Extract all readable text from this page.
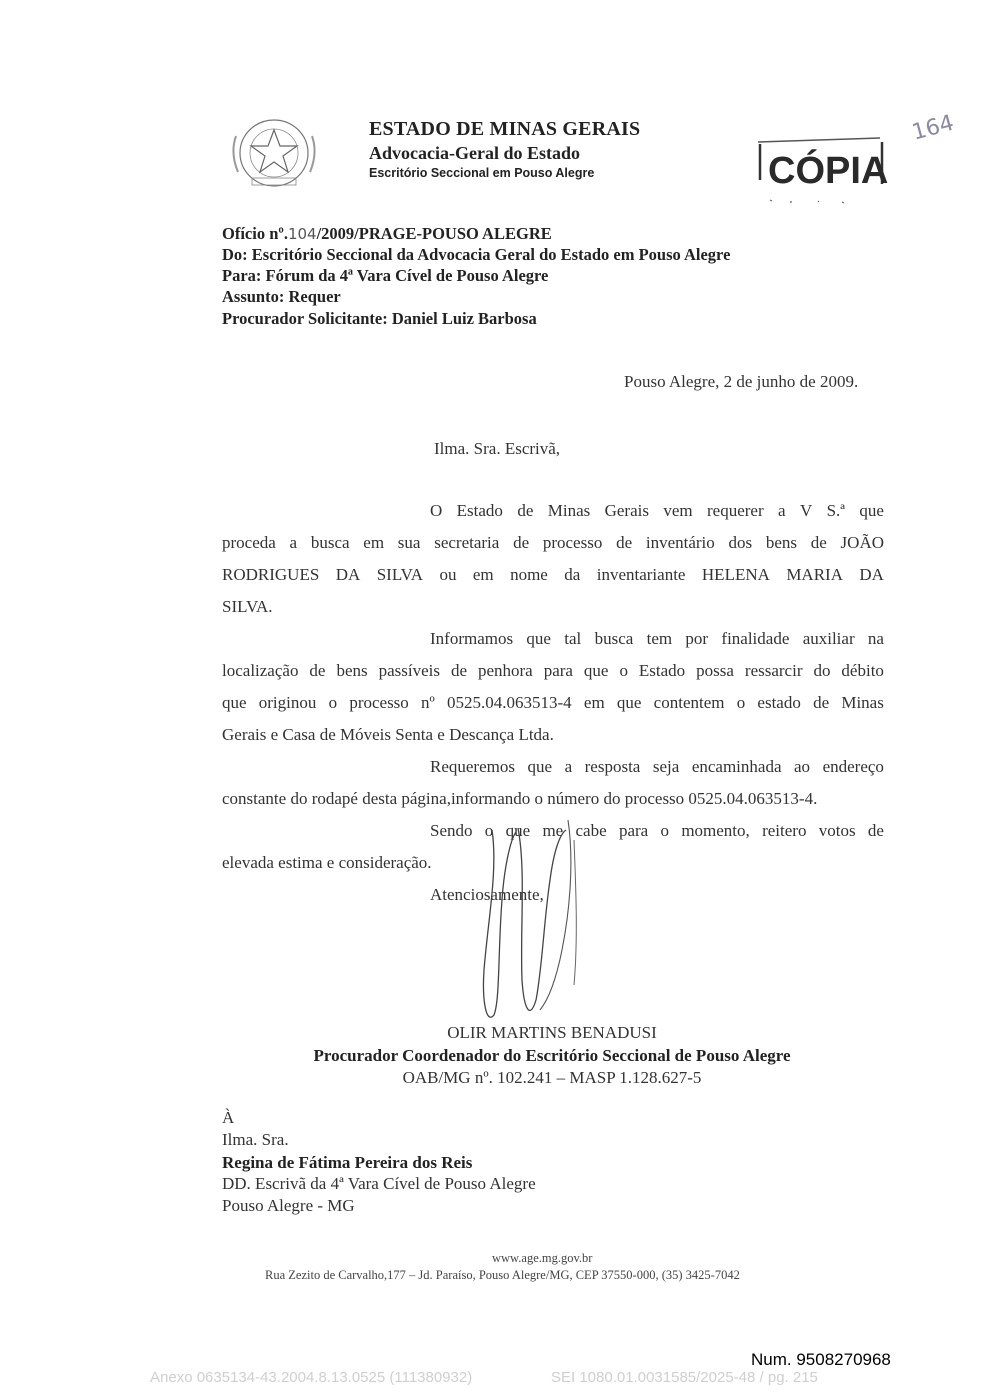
ESTADO DE MINAS GERAIS
Advocacia-Geral do Estado
Escritório Seccional em Pouso Alegre	CÓPIA
164
Ofício nº.104/2009/PRAGE-POUSO ALEGRE
Do: Escritório Seccional da Advocacia Geral do Estado em Pouso Alegre
Para: Fórum da 4ª Vara Cível de Pouso Alegre
Assunto: Requer
Procurador Solicitante: Daniel Luiz Barbosa
Pouso Alegre, 2 de junho de 2009.
Ilma. Sra. Escrivã,
O Estado de Minas Gerais vem requerer a V S.ª que
proceda a busca em sua secretaria de processo de inventário dos bens de JOÃO
RODRIGUES DA SILVA ou em nome da inventariante HELENA MARIA DA
SILVA.
Informamos que tal busca tem por finalidade auxiliar na
localização de bens passíveis de penhora para que o Estado possa ressarcir do débito
que originou o processo nº 0525.04.063513-4 em que contentem o estado de Minas
Gerais e Casa de Móveis Senta e Descança Ltda.
Requeremos que a resposta seja encaminhada ao endereço
constante do rodapé desta página,informando o número do processo 0525.04.063513-4.
Sendo o que me cabe para o momento, reitero votos de
elevada estima e consideração.
Atenciosamente,
OLIR MARTINS BENADUSI
Procurador Coordenador do Escritório Seccional de Pouso Alegre
OAB/MG nº. 102.241 – MASP 1.128.627-5
À
Ilma. Sra.
Regina de Fátima Pereira dos Reis
DD. Escrivã da 4ª Vara Cível de Pouso Alegre
Pouso Alegre - MG
www.age.mg.gov.br
Rua Zezito de Carvalho,177 – Jd. Paraíso, Pouso Alegre/MG, CEP 37550-000, (35) 3425-7042
Num. 9508270968
Anexo 0635134-43.2004.8.13.0525 (111380932)	SEI 1080.01.0031585/2025-48 / pg. 215
